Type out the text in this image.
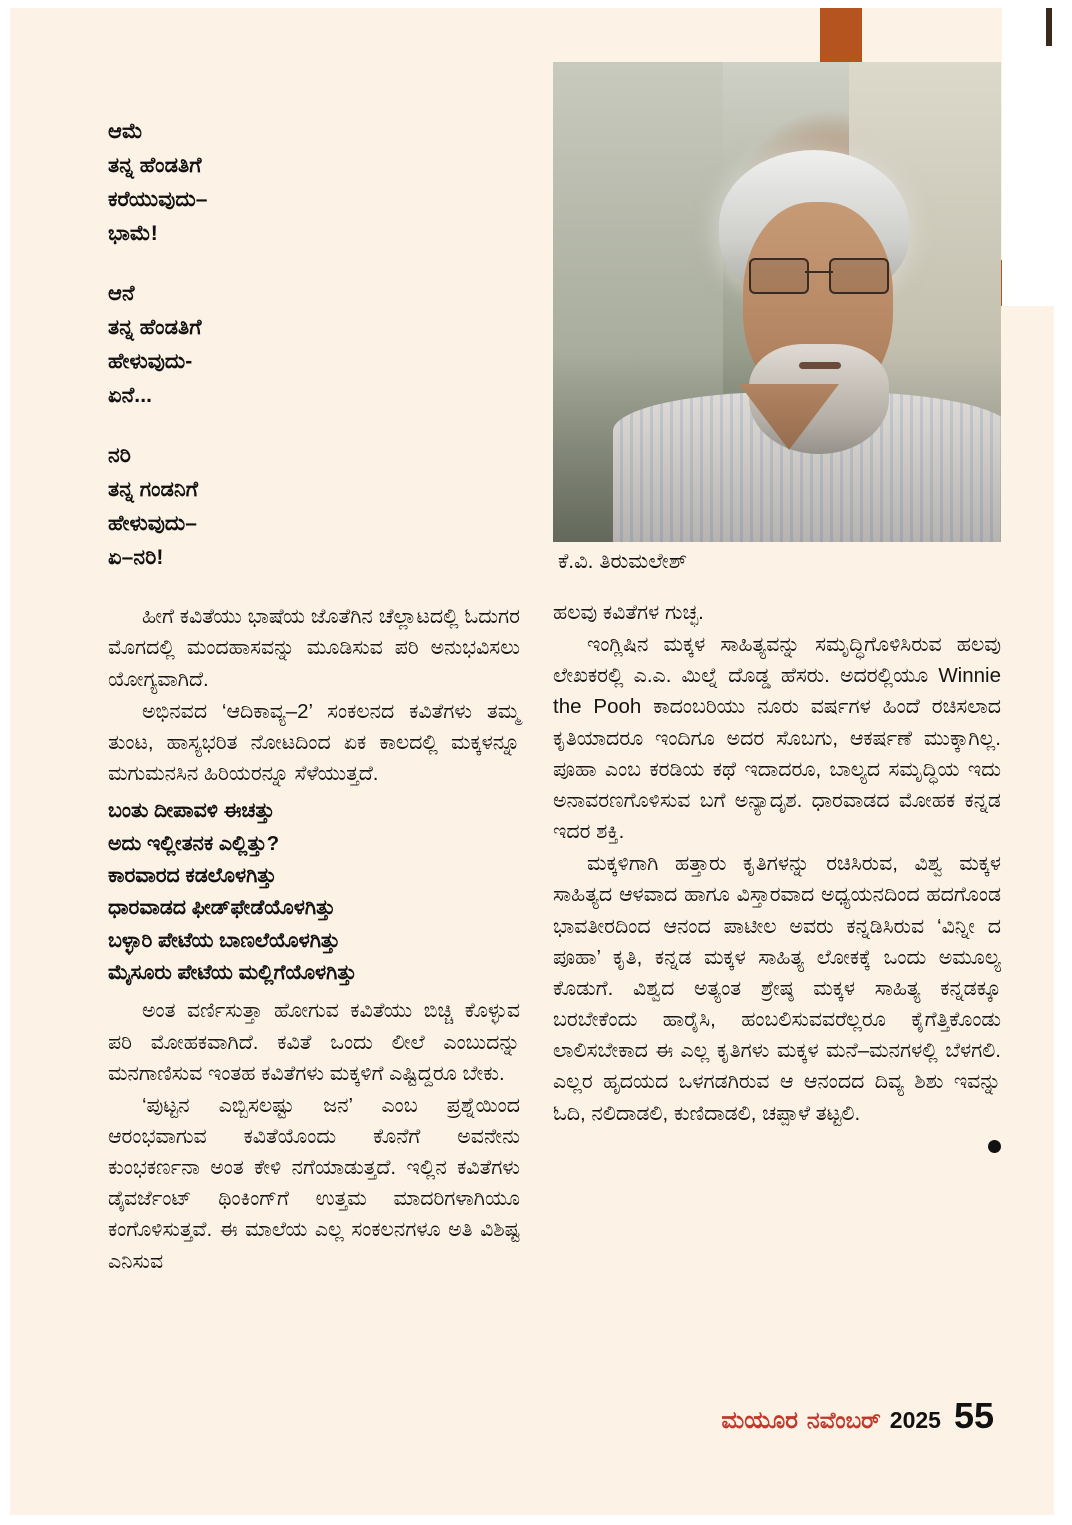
ಕೆ.ವಿ. ತಿರುಮಲೇಶ್
ಆಮೆ
ತನ್ನ ಹೆಂಡತಿಗೆ
ಕರೆಯುವುದು–
ಭಾಮೆ!
ಆನೆ
ತನ್ನ ಹೆಂಡತಿಗೆ
ಹೇಳುವುದು-
ಏನೆ...
ನರಿ
ತನ್ನ ಗಂಡನಿಗೆ
ಹೇಳುವುದು–
ಏ–ನರಿ!

ಹೀಗೆ ಕವಿತೆಯು ಭಾಷೆಯ ಜೊತೆಗಿನ ಚೆಲ್ಲಾಟದಲ್ಲಿ ಓದುಗರ ಮೊಗದಲ್ಲಿ ಮಂದಹಾಸವನ್ನು ಮೂಡಿಸುವ ಪರಿ ಅನುಭವಿಸಲು ಯೋಗ್ಯವಾಗಿದೆ.

ಅಭಿನವದ ‘ಆದಿಕಾವ್ಯ–2’ ಸಂಕಲನದ ಕವಿತೆಗಳು ತಮ್ಮ ತುಂಟ, ಹಾಸ್ಯಭರಿತ ನೋಟದಿಂದ ಏಕ ಕಾಲದಲ್ಲಿ ಮಕ್ಕಳನ್ನೂ ಮಗುಮನಸಿನ ಹಿರಿಯರನ್ನೂ ಸೆಳೆಯುತ್ತದೆ.

ಬಂತು ದೀಪಾವಳಿ ಈಚತ್ತು
ಅದು ಇಲ್ಲೀತನಕ ಎಲ್ಲಿತ್ತು?
ಕಾರವಾರದ ಕಡಲೊಳಗಿತ್ತು
ಧಾರವಾಡದ ಫೀಡ್‌ಫೇಡೆಯೊಳಗಿತ್ತು
ಬಳ್ಳಾರಿ ಪೇಟೆಯ ಬಾಣಲೆಯೊಳಗಿತ್ತು
ಮೈಸೂರು ಪೇಟೆಯ ಮಲ್ಲಿಗೆಯೊಳಗಿತ್ತು

ಅಂತ ವರ್ಣಿಸುತ್ತಾ ಹೋಗುವ ಕವಿತೆಯು ಬಿಚ್ಚಿ ಕೊಳ್ಳುವ ಪರಿ ಮೋಹಕವಾಗಿದೆ. ಕವಿತೆ ಒಂದು ಲೀಲೆ ಎಂಬುದನ್ನು ಮನಗಾಣಿಸುವ ಇಂತಹ ಕವಿತೆಗಳು ಮಕ್ಕಳಿಗೆ ಎಷ್ಟಿದ್ದರೂ ಬೇಕು.

‘ಪುಟ್ಟನ ಎಬ್ಬಿಸಲಷ್ಟು ಜನ’ ಎಂಬ ಪ್ರಶ್ನೆಯಿಂದ ಆರಂಭವಾಗುವ ಕವಿತೆಯೊಂದು ಕೊನೆಗೆ ಅವನೇನು ಕುಂಭಕರ್ಣನಾ ಅಂತ ಕೇಳಿ ನಗೆಯಾಡುತ್ತದೆ. ಇಲ್ಲಿನ ಕವಿತೆಗಳು ಡೈವರ್ಜೆಂಟ್ ಥಿಂಕಿಂಗ್‌ಗೆ ಉತ್ತಮ ಮಾದರಿಗಳಾಗಿಯೂ ಕಂಗೊಳಿಸುತ್ತವೆ. ಈ ಮಾಲೆಯ ಎಲ್ಲ ಸಂಕಲನಗಳೂ ಅತಿ ವಿಶಿಷ್ಟ ಎನಿಸುವ

ಹಲವು ಕವಿತೆಗಳ ಗುಚ್ಛ.

ಇಂಗ್ಲಿಷಿನ ಮಕ್ಕಳ ಸಾಹಿತ್ಯವನ್ನು ಸಮೃದ್ಧಿಗೊಳಿಸಿರುವ ಹಲವು ಲೇಖಕರಲ್ಲಿ ಎ.ಎ. ಮಿಲ್ನೆ ದೊಡ್ಡ ಹೆಸರು. ಅದರಲ್ಲಿಯೂ Winnie the Pooh ಕಾದಂಬರಿಯು ನೂರು ವರ್ಷಗಳ ಹಿಂದೆ ರಚಿಸಲಾದ ಕೃತಿಯಾದರೂ ಇಂದಿಗೂ ಅದರ ಸೊಬಗು, ಆಕರ್ಷಣೆ ಮುಕ್ಕಾಗಿಲ್ಲ. ಪೂಹಾ ಎಂಬ ಕರಡಿಯ ಕಥೆ ಇದಾದರೂ, ಬಾಲ್ಯದ ಸಮೃದ್ಧಿಯ ಇದು ಅನಾವರಣಗೊಳಿಸುವ ಬಗೆ ಅನ್ಯಾದೃಶ. ಧಾರವಾಡದ ಮೋಹಕ ಕನ್ನಡ ಇದರ ಶಕ್ತಿ.

ಮಕ್ಕಳಿಗಾಗಿ ಹತ್ತಾರು ಕೃತಿಗಳನ್ನು ರಚಿಸಿರುವ, ವಿಶ್ವ ಮಕ್ಕಳ ಸಾಹಿತ್ಯದ ಆಳವಾದ ಹಾಗೂ ವಿಸ್ತಾರವಾದ ಅಧ್ಯಯನದಿಂದ ಹದಗೊಂಡ ಭಾವತೀರದಿಂದ ಆನಂದ ಪಾಟೀಲ ಅವರು ಕನ್ನಡಿಸಿರುವ ‘ವಿನ್ನೀ ದ ಪೂಹಾ’ ಕೃತಿ, ಕನ್ನಡ ಮಕ್ಕಳ ಸಾಹಿತ್ಯ ಲೋಕಕ್ಕೆ ಒಂದು ಅಮೂಲ್ಯ ಕೊಡುಗೆ. ವಿಶ್ವದ ಅತ್ಯಂತ ಶ್ರೇಷ್ಠ ಮಕ್ಕಳ ಸಾಹಿತ್ಯ ಕನ್ನಡಕ್ಕೂ ಬರಬೇಕೆಂದು ಹಾರೈಸಿ, ಹಂಬಲಿಸುವವರೆಲ್ಲರೂ ಕೈಗೆತ್ತಿಕೊಂಡು ಲಾಲಿಸಬೇಕಾದ ಈ ಎಲ್ಲ ಕೃತಿಗಳು ಮಕ್ಕಳ ಮನೆ–ಮನಗಳಲ್ಲಿ ಬೆಳಗಲಿ. ಎಲ್ಲರ ಹೃದಯದ ಒಳಗಡಗಿರುವ ಆ ಆನಂದದ ದಿವ್ಯ ಶಿಶು ಇವನ್ನು ಓದಿ, ನಲಿದಾಡಲಿ, ಕುಣಿದಾಡಲಿ, ಚಪ್ಪಾಳೆ ತಟ್ಟಲಿ.

ಮಯೂರ ನವೆಂಬರ್ 2025 55
